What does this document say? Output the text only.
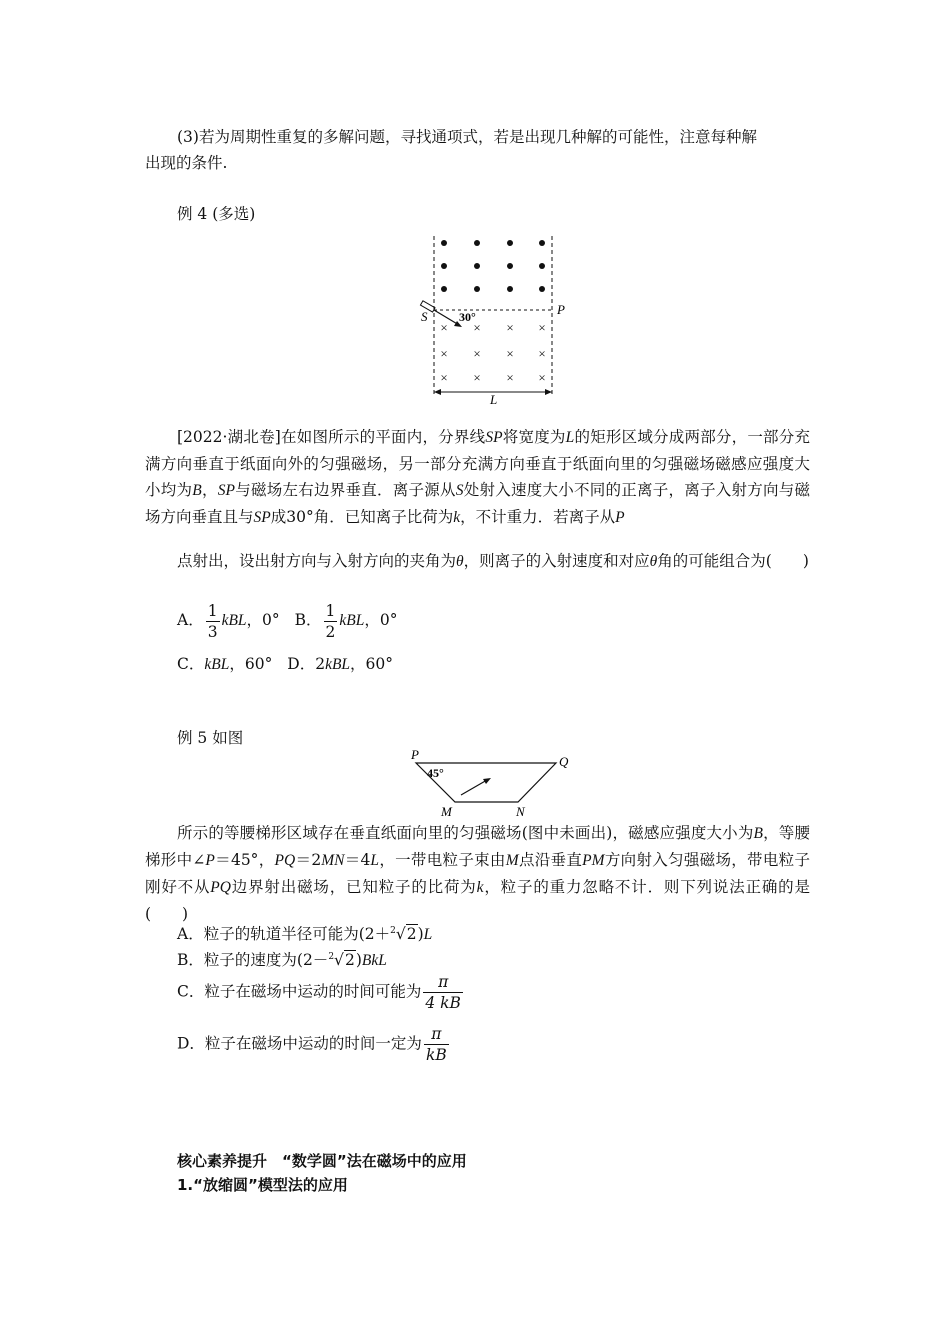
(3)若为周期性重复的多解问题，寻找通项式，若是出现几种解的可能性，注意每种解
出现的条件.
例 4 (多选)
× × × ×
× × × ×
× × × ×
S	P
30°
L
[2022·湖北卷]在如图所示的平面内，分界线SP将宽度为L的矩形区域分成两部分，一部分充满方向垂直于纸面向外的匀强磁场，另一部分充满方向垂直于纸面向里的匀强磁场磁感应强度大小均为B，SP与磁场左右边界垂直．离子源从S处射入速度大小不同的正离子，离子入射方向与磁场方向垂直且与SP成30°角．已知离子比荷为k，不计重力．若离子从P
点射出，设出射方向与入射方向的夹角为θ，则离子的入射速度和对应θ角的可能组合为(　　)
A． $\frac{1}{3}$ kBL，0° B． $\frac{1}{2}$ kBL，0°
C．kBL，60° D．2kBL，60°
例 5 如图
P	Q
M	N
45°
所示的等腰梯形区域存在垂直纸面向里的匀强磁场(图中未画出)，磁感应强度大小为B，等腰梯形中∠P＝45°，PQ＝2MN＝4L，一带电粒子束由M点沿垂直PM方向射入匀强磁场，带电粒子刚好不从PQ边界射出磁场，已知粒子的比荷为k，粒子的重力忽略不计．则下列说法正确的是(　　)
A．粒子的轨道半径可能为(2＋$^2$√2)L
B．粒子的速度为(2－$^2$√2)BkL
C．粒子在磁场中运动的时间可能为 $\frac{\pi}{4 kB}$
D．粒子在磁场中运动的时间一定为 $\frac{\pi}{kB}$
核心素养提升　“数学圆”法在磁场中的应用
1.“放缩圆”模型法的应用
